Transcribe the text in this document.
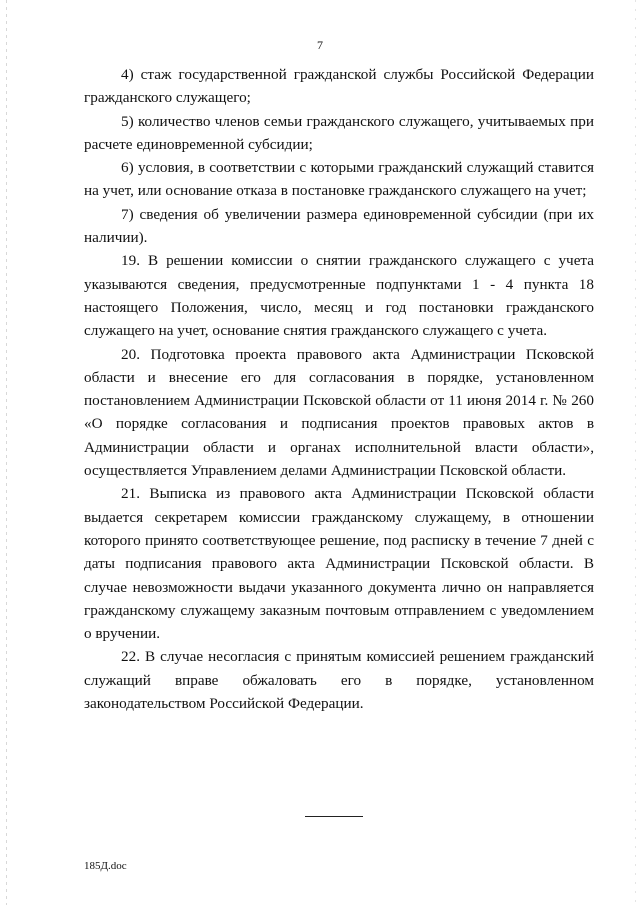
7

4) стаж государственной гражданской службы Российской Федерации гражданского служащего;

5) количество членов семьи гражданского служащего, учитываемых при расчете единовременной субсидии;

6) условия, в соответствии с которыми гражданский служащий ставится на учет, или основание отказа в постановке гражданского служащего на учет;

7) сведения об увеличении размера единовременной субсидии (при их наличии).

19. В решении комиссии о снятии гражданского служащего с учета указываются сведения, предусмотренные подпунктами 1 - 4 пункта 18 настоящего Положения, число, месяц и год постановки гражданского служащего на учет, основание снятия гражданского служащего с учета.

20. Подготовка проекта правового акта Администрации Псковской области и внесение его для согласования в порядке, установленном постановлением Администрации Псковской области от 11 июня 2014 г. № 260 «О порядке согласования и подписания проектов правовых актов в Администрации области и органах исполнительной власти области», осуществляется Управлением делами Администрации Псковской области.

21. Выписка из правового акта Администрации Псковской области выдается секретарем комиссии гражданскому служащему, в отношении которого принято соответствующее решение, под расписку в течение 7 дней с даты подписания правового акта Администрации Псковской области. В случае невозможности выдачи указанного документа лично он направляется гражданскому служащему заказным почтовым отправлением с уведомлением о вручении.

22. В случае несогласия с принятым комиссией решением гражданский служащий вправе обжаловать его в порядке, установленном законодательством Российской Федерации.

185Д.doc
